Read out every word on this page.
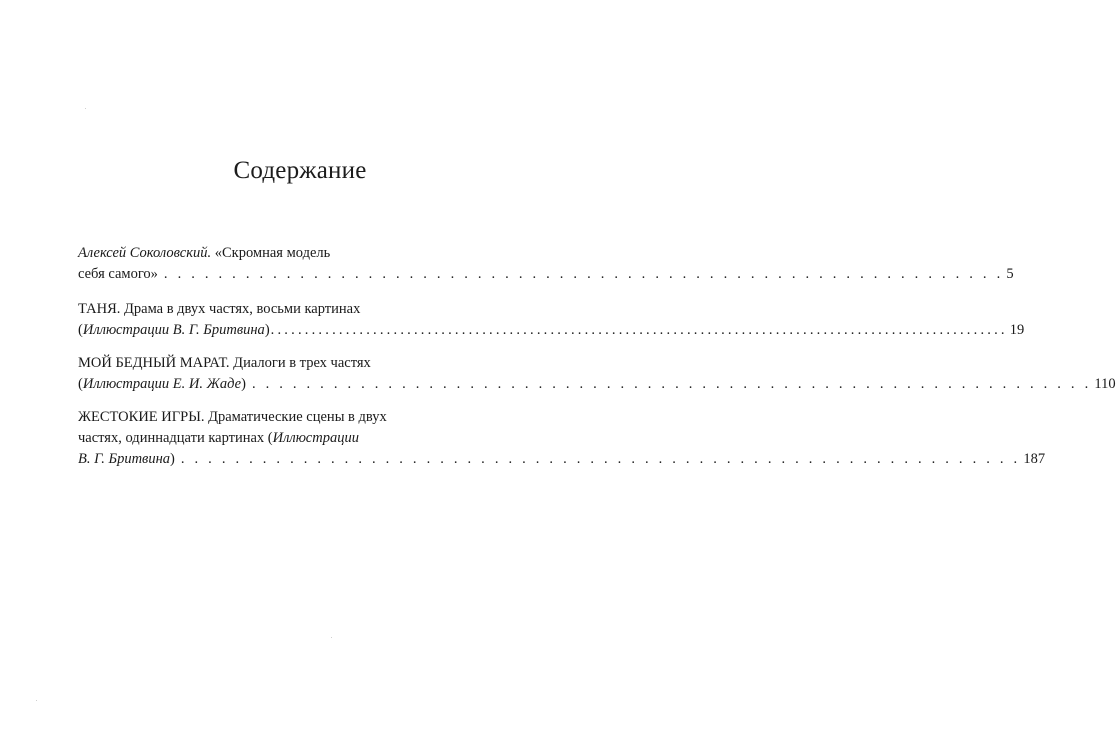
Содержание
Алексей Соколовский. «Скромная модель
себя самого» . . . . . . . . . . . . . . . . . . . . . . . . . . . . . . . . . . . . . . . . . . . . . . . . . . . . . . . . . . . . . . 5
ТАНЯ. Драма в двух частях, восьми картинах
(Иллюстрации В. Г. Бритвина) ............................................................................................................ 19
МОЙ БЕДНЫЙ МАРАТ. Диалоги в трех частях
(Иллюстрации Е. И. Жаде) . . . . . . . . . . . . . . . . . . . . . . . . . . . . . . . . . . . . . . . . . . . . . . . . . . . . . . . . . . . . . . 110
ЖЕСТОКИЕ ИГРЫ. Драматические сцены в двух
частях, одиннадцати картинах (Иллюстрации
В. Г. Бритвина) . . . . . . . . . . . . . . . . . . . . . . . . . . . . . . . . . . . . . . . . . . . . . . . . . . . . . . . . . . . . . . 187
